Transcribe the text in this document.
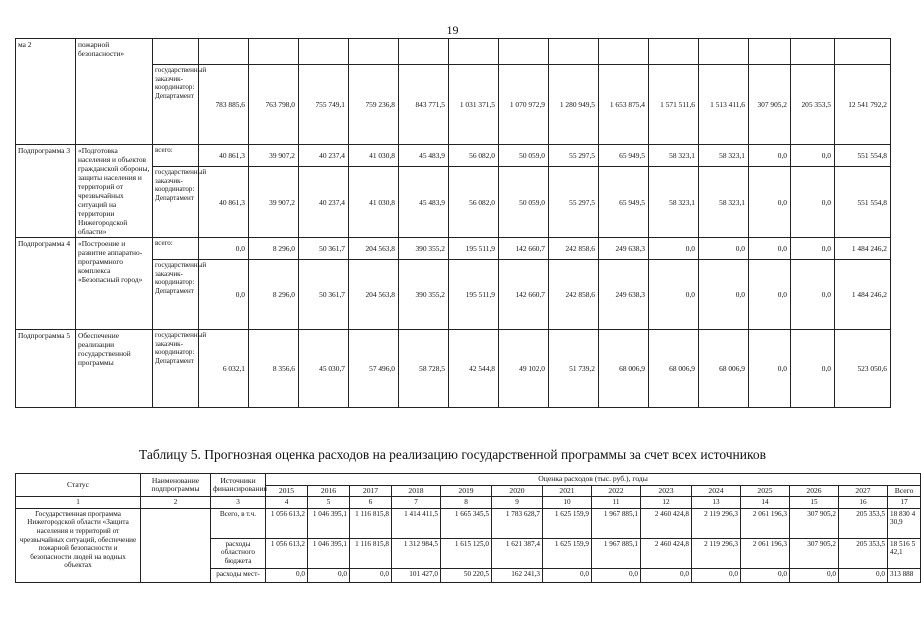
19
ма 2	пожарной безопасности»															
		государственный заказчик-координатор: Департамент	783 885,6	763 798,0	755 749,1	759 236,8	843 771,5	1 031 371,5	1 070 972,9	1 280 949,5	1 653 875,4	1 571 511,6	1 513 411,6	307 905,2	205 353,5	12 541 792,2
Подпрограмма 3	«Подготовка населения и объектов гражданской обороны, защиты населения и территорий от чрезвычайных ситуаций на территории Нижегородской области»	всего:	40 861,3	39 907,2	40 237,4	41 030,8	45 483,9	56 082,0	50 059,0	55 297,5	65 949,5	58 323,1	58 323,1	0,0	0,0	551 554,8
		государственный заказчик-координатор: Департамент	40 861,3	39 907,2	40 237,4	41 030,8	45 483,9	56 082,0	50 059,0	55 297,5	65 949,5	58 323,1	58 323,1	0,0	0,0	551 554,8
Подпрограмма 4	«Построение и развитие аппаратно-программного комплекса «Безопасный город»	всего:	0,0	8 296,0	50 361,7	204 563,8	390 355,2	195 511,9	142 660,7	242 858,6	249 638,3	0,0	0,0	0,0	0,0	1 484 246,2
		государственный заказчик-координатор: Департамент	0,0	8 296,0	50 361,7	204 563,8	390 355,2	195 511,9	142 660,7	242 858,6	249 638,3	0,0	0,0	0,0	0,0	1 484 246,2
Подпрограмма 5	Обеспечение реализации государственной программы	государственный заказчик-координатор: Департамент	6 032,1	8 356,6	45 030,7	57 496,0	58 728,5	42 544,8	49 102,0	51 739,2	68 006,9	68 006,9	68 006,9	0,0	0,0	523 050,6
Таблицу 5. Прогнозная оценка расходов на реализацию государственной программы за счет всех источников
Статус	Наименование подпрограммы	Источники финансирования	Оценка расходов (тыс. руб.), годы													
			2015	2016	2017	2018	2019	2020	2021	2022	2023	2024	2025	2026	2027	Всего
1	2	3	4	5	6	7	8	9	10	11	12	13	14	15	16	17
Государственная программа Нижегородской области «Защита населения и территорий от чрезвычайных ситуаций, обеспечение пожарной безопасности и безопасности людей на водных объектах		Всего, в т.ч.	1 056 613,2	1 046 395,1	1 116 815,8	1 414 411,5	1 665 345,5	1 783 628,7	1 625 159,9	1 967 885,1	2 460 424,8	2 119 296,3	2 061 196,3	307 905,2	205 353,5	18 830 430,9
		расходы областного бюджета	1 056 613,2	1 046 395,1	1 116 815,8	1 312 984,5	1 615 125,0	1 621 387,4	1 625 159,9	1 967 885,1	2 460 424,8	2 119 296,3	2 061 196,3	307 905,2	205 353,5	18 516 542,1
		расходы мест-	0,0	0,0	0,0	101 427,0	50 220,5	162 241,3	0,0	0,0	0,0	0,0	0,0	0,0	0,0	313 888
